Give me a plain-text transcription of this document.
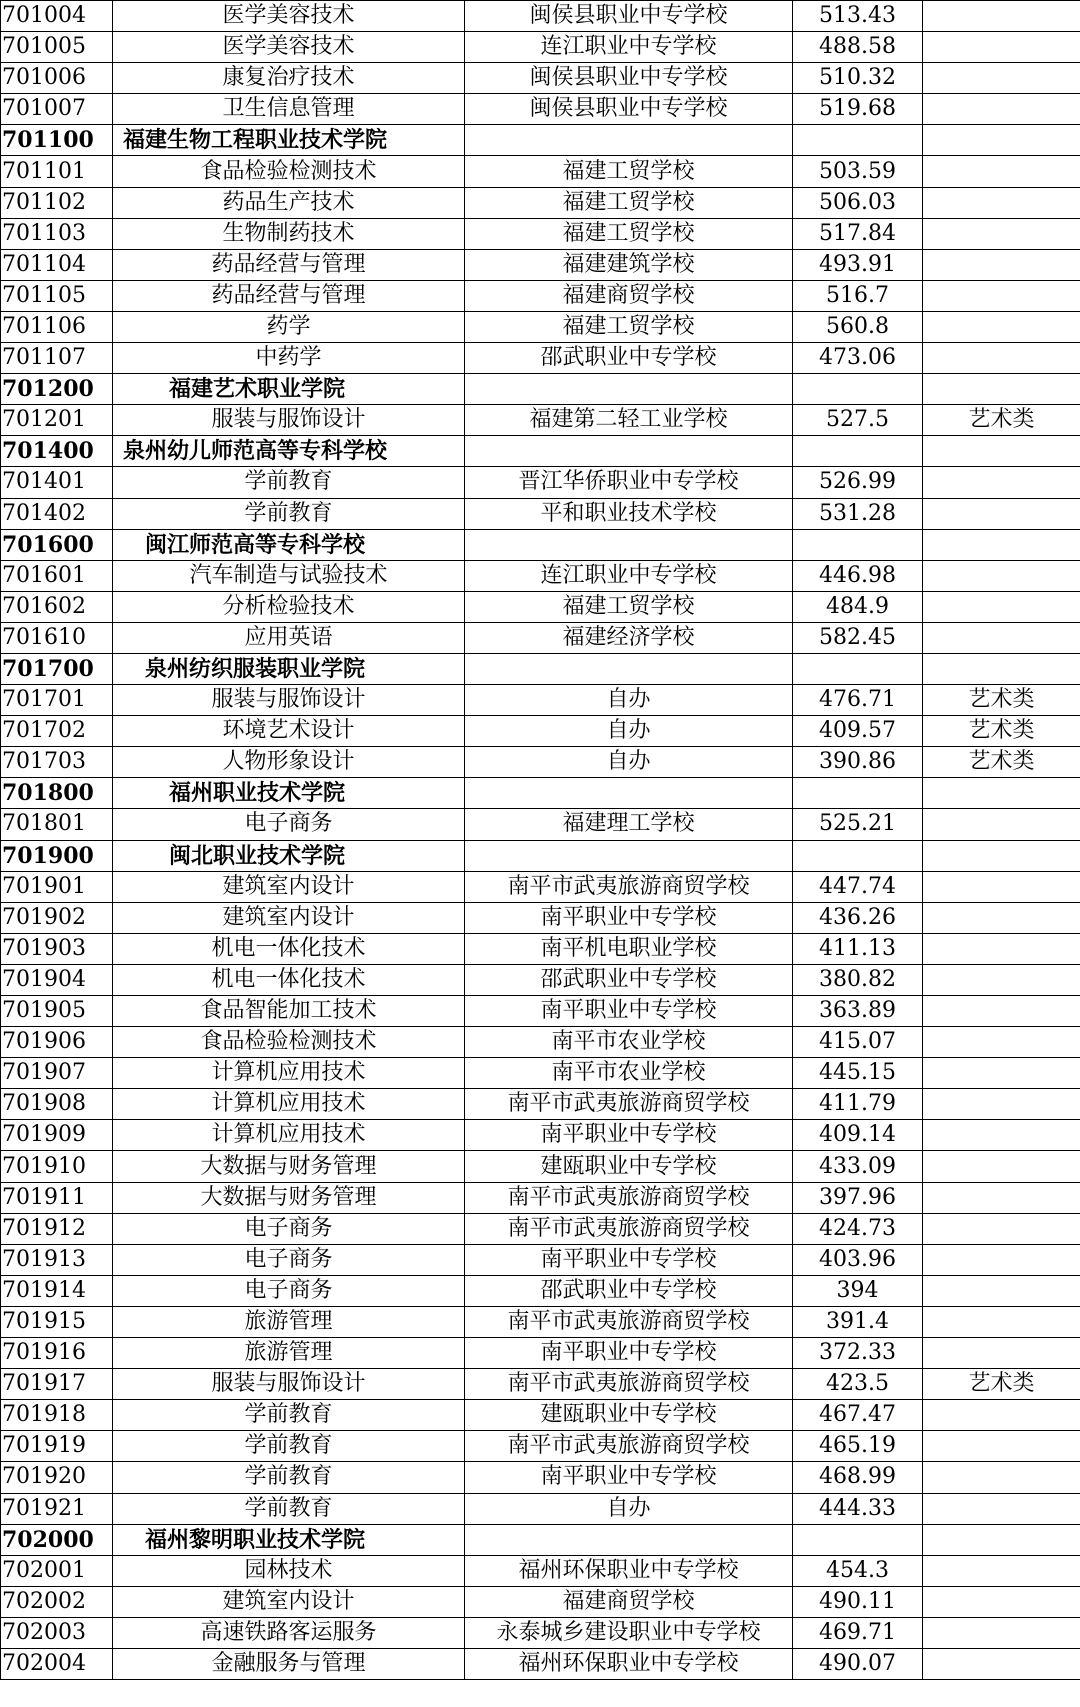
701004	医学美容技术	闽侯县职业中专学校	513.43	
701005	医学美容技术	连江职业中专学校	488.58	
701006	康复治疗技术	闽侯县职业中专学校	510.32	
701007	卫生信息管理	闽侯县职业中专学校	519.68	
701100	福建生物工程职业技术学院			
701101	食品检验检测技术	福建工贸学校	503.59	
701102	药品生产技术	福建工贸学校	506.03	
701103	生物制药技术	福建工贸学校	517.84	
701104	药品经营与管理	福建建筑学校	493.91	
701105	药品经营与管理	福建商贸学校	516.7	
701106	药学	福建工贸学校	560.8	
701107	中药学	邵武职业中专学校	473.06	
701200	福建艺术职业学院			
701201	服装与服饰设计	福建第二轻工业学校	527.5	艺术类
701400	泉州幼儿师范高等专科学校			
701401	学前教育	晋江华侨职业中专学校	526.99	
701402	学前教育	平和职业技术学校	531.28	
701600	闽江师范高等专科学校			
701601	汽车制造与试验技术	连江职业中专学校	446.98	
701602	分析检验技术	福建工贸学校	484.9	
701610	应用英语	福建经济学校	582.45	
701700	泉州纺织服装职业学院			
701701	服装与服饰设计	自办	476.71	艺术类
701702	环境艺术设计	自办	409.57	艺术类
701703	人物形象设计	自办	390.86	艺术类
701800	福州职业技术学院			
701801	电子商务	福建理工学校	525.21	
701900	闽北职业技术学院			
701901	建筑室内设计	南平市武夷旅游商贸学校	447.74	
701902	建筑室内设计	南平职业中专学校	436.26	
701903	机电一体化技术	南平机电职业学校	411.13	
701904	机电一体化技术	邵武职业中专学校	380.82	
701905	食品智能加工技术	南平职业中专学校	363.89	
701906	食品检验检测技术	南平市农业学校	415.07	
701907	计算机应用技术	南平市农业学校	445.15	
701908	计算机应用技术	南平市武夷旅游商贸学校	411.79	
701909	计算机应用技术	南平职业中专学校	409.14	
701910	大数据与财务管理	建瓯职业中专学校	433.09	
701911	大数据与财务管理	南平市武夷旅游商贸学校	397.96	
701912	电子商务	南平市武夷旅游商贸学校	424.73	
701913	电子商务	南平职业中专学校	403.96	
701914	电子商务	邵武职业中专学校	394	
701915	旅游管理	南平市武夷旅游商贸学校	391.4	
701916	旅游管理	南平职业中专学校	372.33	
701917	服装与服饰设计	南平市武夷旅游商贸学校	423.5	艺术类
701918	学前教育	建瓯职业中专学校	467.47	
701919	学前教育	南平市武夷旅游商贸学校	465.19	
701920	学前教育	南平职业中专学校	468.99	
701921	学前教育	自办	444.33	
702000	福州黎明职业技术学院			
702001	园林技术	福州环保职业中专学校	454.3	
702002	建筑室内设计	福建商贸学校	490.11	
702003	高速铁路客运服务	永泰城乡建设职业中专学校	469.71	
702004	金融服务与管理	福州环保职业中专学校	490.07	
